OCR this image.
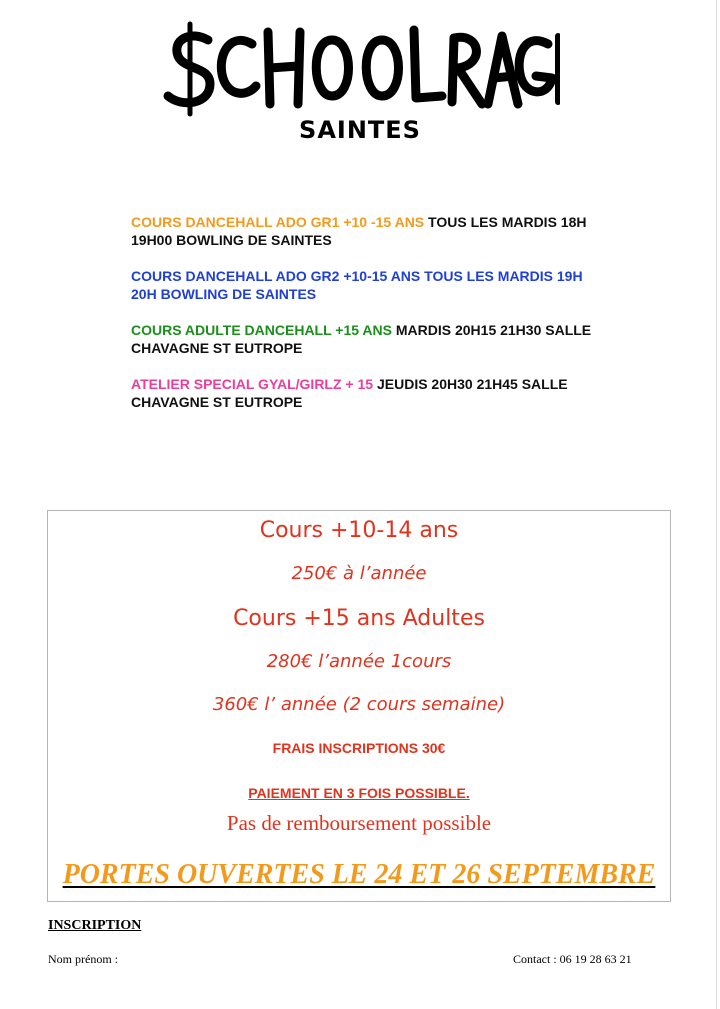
SAINTES
COURS DANCEHALL ADO GR1 +10 -15 ANS TOUS LES MARDIS 18H 19H00 BOWLING DE SAINTES
COURS DANCEHALL ADO GR2 +10-15 ANS TOUS LES MARDIS 19H 20H BOWLING DE SAINTES
COURS ADULTE DANCEHALL +15 ANS MARDIS 20H15 21H30 SALLE CHAVAGNE ST EUTROPE
ATELIER SPECIAL GYAL/GIRLZ + 15 JEUDIS 20H30 21H45 SALLE CHAVAGNE ST EUTROPE
Cours +10-14 ans
250€ à l’année
Cours +15 ans Adultes
280€ l’année 1cours
360€ l’ année (2 cours semaine)
FRAIS INSCRIPTIONS 30€
PAIEMENT EN 3 FOIS POSSIBLE.
Pas de remboursement possible
PORTES OUVERTES LE 24 ET 26 SEPTEMBRE
INSCRIPTION
Nom prénom :	Contact : 06 19 28 63 21
